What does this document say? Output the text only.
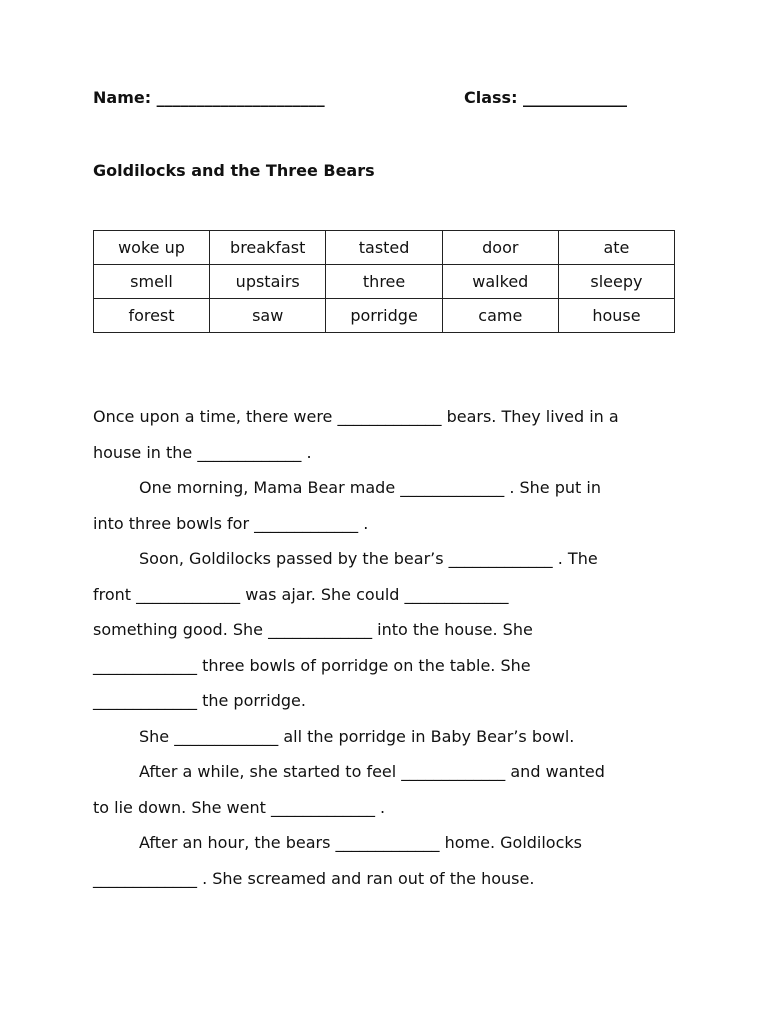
Name: _____________________	Class: _____________
Goldilocks and the Three Bears
woke up	breakfast	tasted	door	ate
smell	upstairs	three	walked	sleepy
forest	saw	porridge	came	house

Once upon a time, there were _____________ bears. They lived in a

house in the _____________ .

One morning, Mama Bear made _____________ . She put in

into three bowls for _____________ .

Soon, Goldilocks passed by the bear’s _____________ . The

front _____________ was ajar. She could _____________

something good. She _____________ into the house. She

_____________ three bowls of porridge on the table. She

_____________ the porridge.

She _____________ all the porridge in Baby Bear’s bowl.

After a while, she started to feel _____________ and wanted

to lie down. She went _____________ .

After an hour, the bears _____________ home. Goldilocks

_____________ . She screamed and ran out of the house.
